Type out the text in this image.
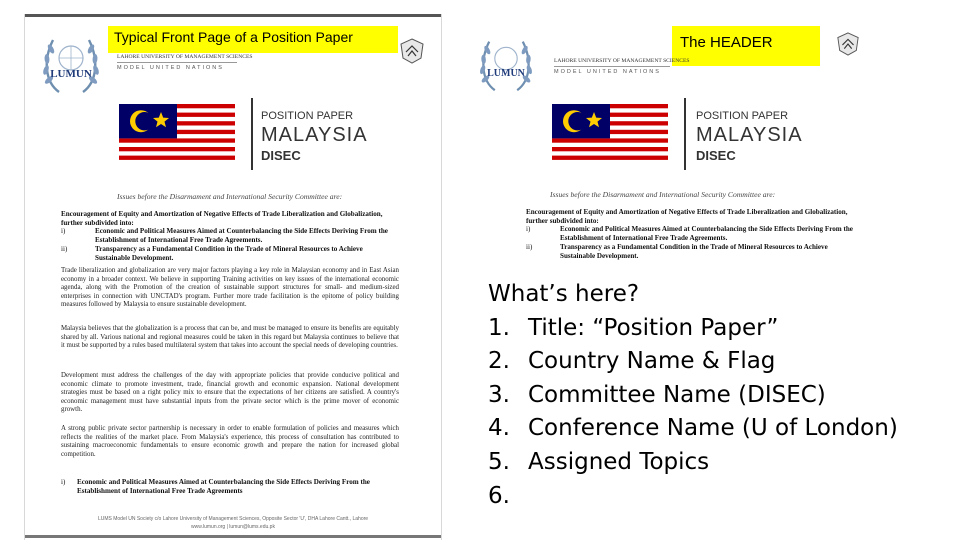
LUMUN
Typical Front Page of a Position Paper
LAHORE UNIVERSITY OF MANAGEMENT SCIENCES
MODEL UNITED NATIONS
POSITION PAPER
MALAYSIA
DISEC
Issues before the Disarmament and International Security Committee are:
Encouragement of Equity and Amortization of Negative Effects of Trade Liberalization and Globalization, further subdivided into:
i)	Economic and Political Measures Aimed at Counterbalancing the Side Effects Deriving From the Establishment of International Free Trade Agreements.
ii)	Transparency as a Fundamental Condition in the Trade of Mineral Resources to Achieve Sustainable Development.
Trade liberalization and globalization are very major factors playing a key role in Malaysian economy and in East Asian economy in a broader context. We believe in supporting Training activities on key issues of the international economic agenda, along with the Promotion of the creation of sustainable support structures for small- and medium-sized enterprises in connection with UNCTAD's program. Further more trade facilitation is the epitome of policy building measures followed by Malaysia to ensure sustainable development.
Malaysia believes that the globalization is a process that can be, and must be managed to ensure its benefits are equitably shared by all. Various national and regional measures could be taken in this regard but Malaysia continues to believe that it must be supported by a rules based multilateral system that takes into account the special needs of developing countries.
Development must address the challenges of the day with appropriate policies that provide conducive political and economic climate to promote investment, trade, financial growth and economic expansion. National development strategies must be based on a right policy mix to ensure that the expectations of her citizens are satisfied. A country's economic management must have substantial inputs from the private sector which is the prime mover of economic growth.
A strong public private sector partnership is necessary in order to enable formulation of policies and measures which reflects the realities of the market place. From Malaysia's experience, this process of consultation has contributed to sustaining macroeconomic fundamentals to ensure economic growth and prepare the nation for increased global competition.
i) Economic and Political Measures Aimed at Counterbalancing the Side Effects Deriving From the Establishment of International Free Trade Agreements
LUMS Model UN Society c/o Lahore University of Management Sciences, Opposite Sector 'U', DHA Lahore Cantt., Lahore
www.lumun.org | lumun@lums.edu.pk
LUMUN
The HEADER
LAHORE UNIVERSITY OF MANAGEMENT SCIENCES
MODEL UNITED NATIONS
POSITION PAPER
MALAYSIA
DISEC
Issues before the Disarmament and International Security Committee are:
Encouragement of Equity and Amortization of Negative Effects of Trade Liberalization and Globalization, further subdivided into:
i)	Economic and Political Measures Aimed at Counterbalancing the Side Effects Deriving From the Establishment of International Free Trade Agreements.
ii)	Transparency as a Fundamental Condition in the Trade of Mineral Resources to Achieve Sustainable Development.
What’s here?
1. Title: “Position Paper”
2. Country Name & Flag
3. Committee Name (DISEC)
4. Conference Name (U of London)
5. Assigned Topics
6.
